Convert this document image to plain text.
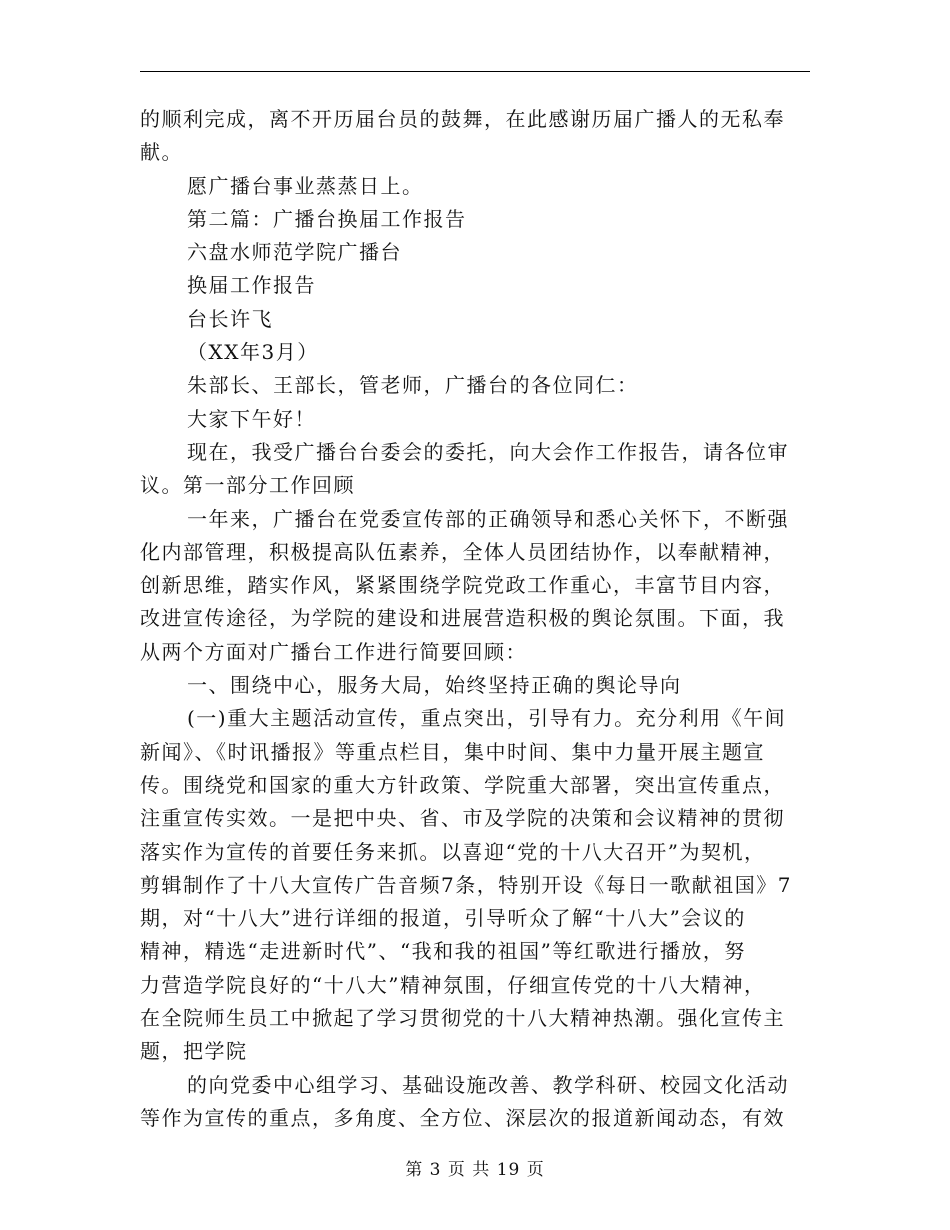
的顺利完成，离不开历届台员的鼓舞，在此感谢历届广播人的无私奉
献。
愿广播台事业蒸蒸日上。
第二篇：广播台换届工作报告
六盘水师范学院广播台
换届工作报告
台长许飞
（XX年3月）
朱部长、王部长，管老师，广播台的各位同仁：
大家下午好！
现在，我受广播台台委会的委托，向大会作工作报告，请各位审
议。第一部分工作回顾
一年来，广播台在党委宣传部的正确领导和悉心关怀下，不断强
化内部管理，积极提高队伍素养，全体人员团结协作，以奉献精神，
创新思维，踏实作风，紧紧围绕学院党政工作重心，丰富节目内容，
改进宣传途径，为学院的建设和进展营造积极的舆论氛围。下面，我
从两个方面对广播台工作进行简要回顾：
一、围绕中心，服务大局，始终坚持正确的舆论导向
(一)重大主题活动宣传，重点突出，引导有力。充分利用《午间
新闻》、《时讯播报》等重点栏目，集中时间、集中力量开展主题宣
传。围绕党和国家的重大方针政策、学院重大部署，突出宣传重点，
注重宣传实效。一是把中央、省、市及学院的决策和会议精神的贯彻
落实作为宣传的首要任务来抓。以喜迎“党的十八大召开”为契机，
剪辑制作了十八大宣传广告音频7条，特别开设《每日一歌献祖国》7
期，对“十八大”进行详细的报道，引导听众了解“十八大”会议的
精神，精选“走进新时代”、“我和我的祖国”等红歌进行播放，努
力营造学院良好的“十八大”精神氛围，仔细宣传党的十八大精神，
在全院师生员工中掀起了学习贯彻党的十八大精神热潮。强化宣传主
题，把学院
的向党委中心组学习、基础设施改善、教学科研、校园文化活动
等作为宣传的重点，多角度、全方位、深层次的报道新闻动态，有效
第 3 页 共 19 页
